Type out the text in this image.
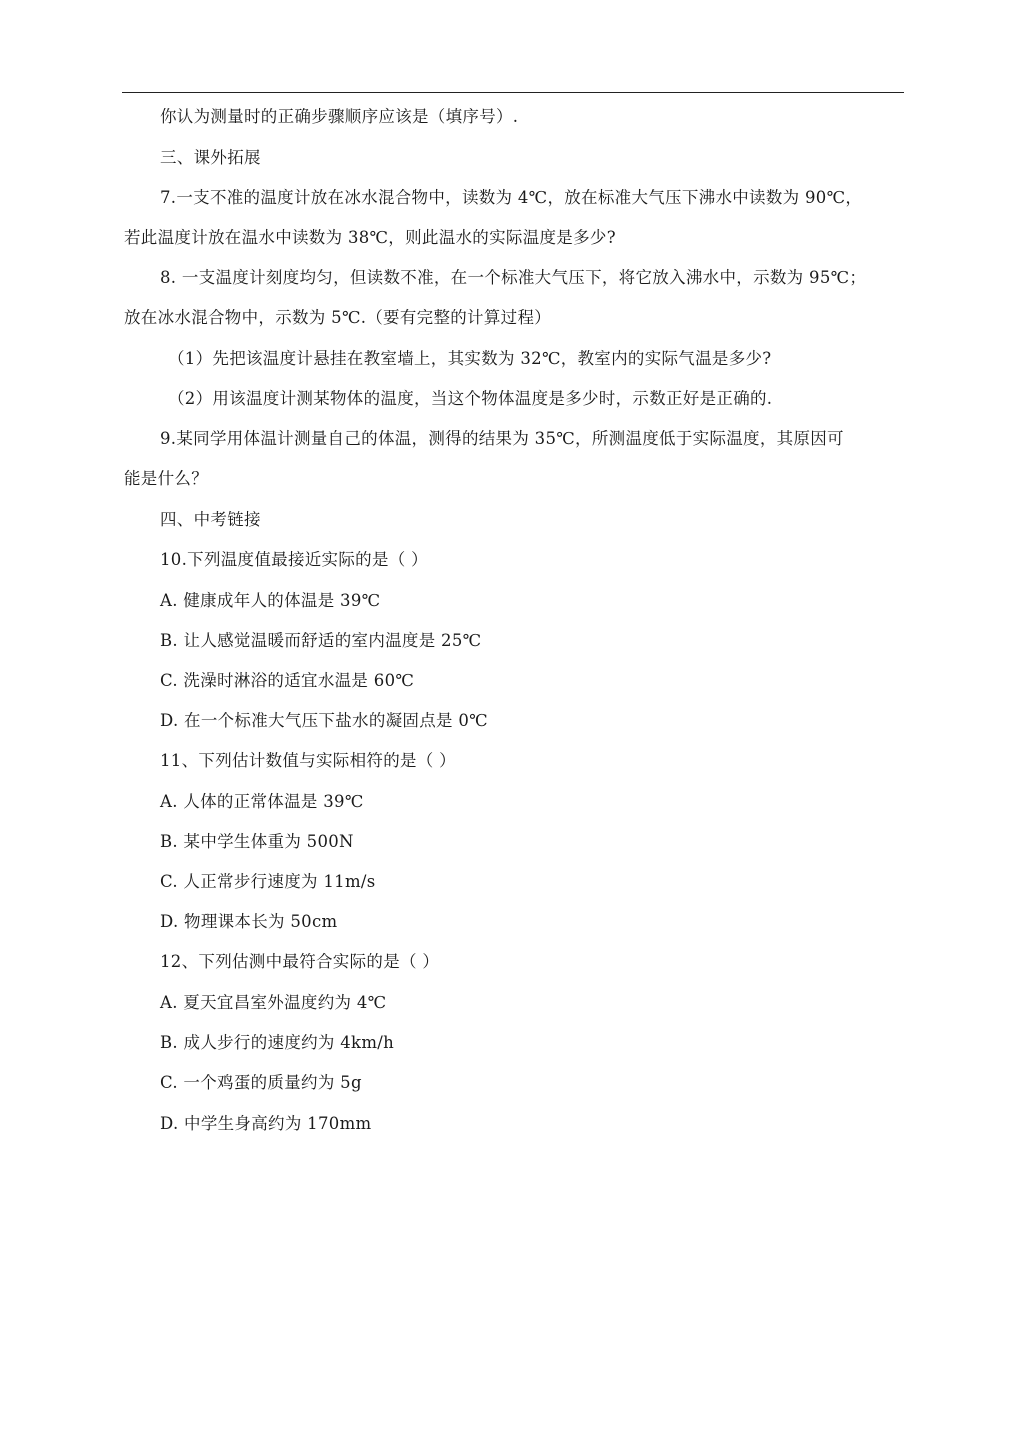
你认为测量时的正确步骤顺序应该是（填序号）.
三、课外拓展
7.一支不准的温度计放在冰水混合物中，读数为 4℃，放在标准大气压下沸水中读数为 90℃，
若此温度计放在温水中读数为 38℃，则此温水的实际温度是多少?
8. 一支温度计刻度均匀，但读数不准，在一个标准大气压下，将它放入沸水中，示数为 95℃；
放在冰水混合物中，示数为 5℃.（要有完整的计算过程）
（1）先把该温度计悬挂在教室墙上，其实数为 32℃，教室内的实际气温是多少?
（2）用该温度计测某物体的温度，当这个物体温度是多少时，示数正好是正确的.
9.某同学用体温计测量自己的体温，测得的结果为 35℃，所测温度低于实际温度，其原因可
能是什么？
四、中考链接
10.下列温度值最接近实际的是（ ）
A. 健康成年人的体温是 39℃
B. 让人感觉温暖而舒适的室内温度是 25℃
C. 洗澡时淋浴的适宜水温是 60℃
D. 在一个标准大气压下盐水的凝固点是 0℃
11、下列估计数值与实际相符的是（ ）
A. 人体的正常体温是 39℃
B. 某中学生体重为 500N
C. 人正常步行速度为 11m/s
D. 物理课本长为 50cm
12、下列估测中最符合实际的是（ ）
A. 夏天宜昌室外温度约为 4℃
B. 成人步行的速度约为 4km/h
C. 一个鸡蛋的质量约为 5g
D. 中学生身高约为 170mm
